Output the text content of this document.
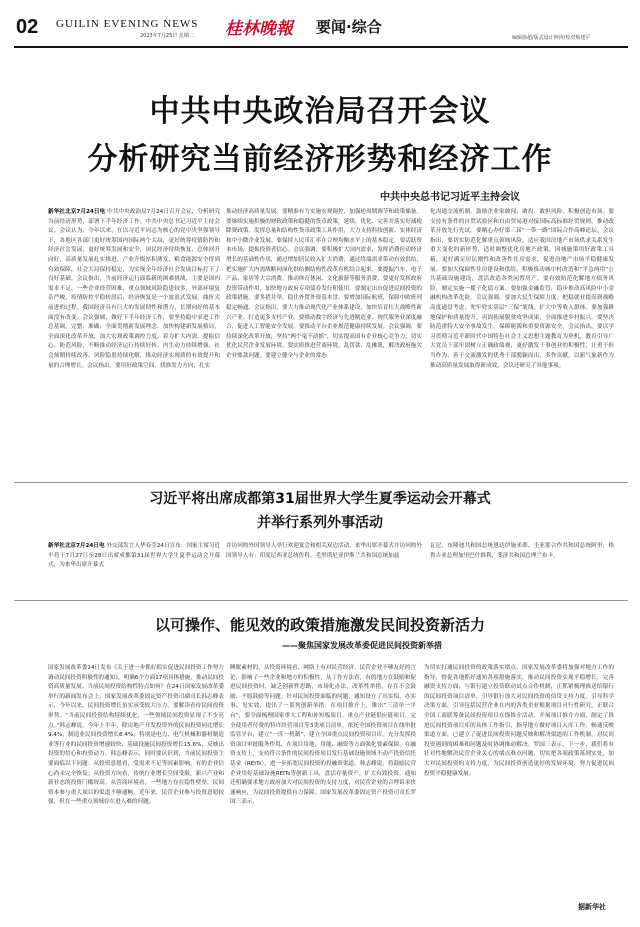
02 GUILIN EVENING NEWS
2023年7月25日 星期二 桂林晚報 要闻·综合
编辑徐超/版式设计钟涛/校对叛建平
中共中央政治局召开会议
分析研究当前经济形势和经济工作
中共中央总书记习近平主持会议
新华社北京7月24日电 中共中央政治局7月24日召开会议，分析研究当前经济形势，部署下半年经济工作。中共中央总书记习近平主持会议。会议认为，今年以来，在以习近平同志为核心的党中央坚强领导下，各地区各部门更好统筹国内国际两个大局，更好统筹疫情防控和经济社会发展，更好统筹发展和安全，国民经济持续恢复、总体回升向好，高质量发展扎实推进，产业升级厚积薄发，粮食能源安全得到有效保障，社会大局保持稳定，为实现全年经济社会发展目标打下了良好基础。会议指出，当前经济运行面临新的困难挑战，主要是国内需求不足，一些企业经营困难，重点领域风险隐患较多，外部环境复杂严峻。疫情防控平稳转段后，经济恢复是一个波浪式发展、曲折式前进的过程。我国经济具有巨大的发展韧性和潜力，长期向好的基本面没有改变。会议强调，做好下半年经济工作，要坚持稳中求进工作总基调，完整、准确、全面贯彻新发展理念，加快构建新发展格局，全面深化改革开放，加大宏观政策调控力度，着力扩大内需、提振信心、防范风险，不断推动经济运行持续好转、内生动力持续增强、社会预期持续改善、风险隐患持续化解，推动经济实现质的有效提升和量的合理增长。会议指出，要用好政策空间、找准发力方向，扎实
推动经济高质量发展。要精准有力实施宏观调控，加强逆周期调节和政策储备。要继续实施积极的财政政策和稳健的货币政策，延续、优化、完善并落实好减税降费政策，发挥总量和结构性货币政策工具作用，大力支持科技创新、实体经济和中小微企业发展。要保持人民币汇率在合理均衡水平上的基本稳定。要活跃资本市场，提振投资者信心。会议强调，要积极扩大国内需求，发挥消费拉动经济增长的基础性作用，通过增加居民收入扩大消费，通过终端需求带动有效供给，把实施扩大内需战略同深化供给侧结构性改革有机结合起来。要提振汽车、电子产品、家居等大宗消费，推动体育休闲、文化旅游等服务消费。要更好发挥政府投资带动作用，加快地方政府专项债券发行和使用。要制定出台促进民间投资的政策措施。要多措并举，稳住外贸外资基本盘。要增加国际航班，保障中欧班列稳定畅通。会议指出，要大力推动现代化产业体系建设，加快培育壮大战略性新兴产业、打造更多支柱产业。要推动数字经济与先进制造业、现代服务业深度融合，促进人工智能安全发展。要推动平台企业规范健康持续发展。会议强调，要持续深化改革开放，坚持“两个毫不动摇”，切实提高国有企业核心竞争力，切实优化民营企业发展环境。要实质推进营商环境，乱罚款、乱摊派，解决政府拖欠企业账款问题。要建立健全与企业的常态
化沟通交流机制，鼓励企业家敢闯、敢投、敢担风险，积极创造市场。要支持有条件的自贸试验区和自由贸易港对接国际高标准经贸规则，推动改革开放先行先试。要精心办好第三届“一带一路”国际合作高峰论坛。会议指出，要切实防范化解重点领域风险，适应我国房地产市场供求关系发生重大变化的新形势，适时调整优化房地产政策，因城施策用好政策工具箱，更好满足居民刚性和改善性住房需求，促进房地产市场平稳健康发展。要加大保障性住房建设和供给，积极推动城中村改造和“平急两用”公共基础设施建设，盘活改造各类闲置房产。要有效防范化解地方债务风险，制定实施一揽子化债方案。要加强金融监管，稳步推动高风险中小金融机构改革化险。会议强调，要加大民生保障力度，把稳就业提高到战略高度通盘考虑，兜牢兜实基层“三保”底线，扩大中等收入群体。要加强耕地保护和质量提升，巩固拓展脱贫攻坚成果，全面推进乡村振兴。要坚决防范重特大安全事故发生，保障能源和重要资源安全。会议指出，要以学习贯彻习近平新时代中国特色社会主义思想主题教育为契机，教育引导广大党员干部牢固树立正确政绩观，更好激发干事创业的积极性，让勇于担当作为、善于交流激发的优秀干部脱颖而出，多作贡献，以新气象新作为推动高质量发展取得新成效。会议还研究了其他事项。
习近平将出席成都第31届世界大学生夏季运动会开幕式
并举行系列外事活动
新华社北京7月24日电 外交部发言人华春莹24日宣布：国家主席习近平将于7月27日至28日出席成都第31届世界大学生夏季运动会开幕式，为来华出席开幕式
并访问的外国领导人举行欢迎宴会和相关双边活动。来华出席开幕式并访问的外国领导人有：印度尼西亚总统佐科、毛里塔尼亚伊斯兰共和国总统加兹
瓦尼、布隆迪共和国总统恩达伊施米耶、圭亚那合作共和国总统阿里、格鲁吉亚总理加里巴什维利、斐济共和国总理兰布卡。
以可操作、能见效的政策措施激发民间投资新活力
——聚焦国家发展改革委促进民间投资新举措
国家发展改革委24日发布《关于进一步抓好抓实促进民间投资工作努力调动民间投资积极性的通知》，明确6个方面17项具体措施，推动民间投资高质量发展。当前民间投资结构性特点如何？在24日国家发展改革委举行的新闻发布会上，国家发展改革委固定资产投资司副司长韩志峰表示，今年以来，民间投资增长虽实承受较大压力，要解读看待民间投资形势。“当前民间投资结构特续优化，一些领域民间投资显现了不少亮点。”韩志峰说，今年上半年，除房地产开发投资外的民间投资同比增长9.4%，制造业民间投资增长8.4%，特别是电力、电气机械和器材制造业等行业的民间投资增速较快，基础设施民间投资增长15.6%，反映出投资的信心和投资动力。韩志峰表示，同时要认识到，当前民间投资主要面临以下问题：从投资意愿看，受需求不足等因素影响，有的企业信心尚未完全恢复；从投资方向看，传统行业增长空间受限，新兴产业和新业态的投资门槛较高；从营商环境看，一些地方存在隐性壁垒，民间资本参与重大项目的渠道不够通畅。近年来，民营企业参与投资意愿较强，但在一些重点领域存在进入难的问题。
睡眠素材的，从投资环境看，网络上有对民营经济、民营企业不够友好的言论，影响了一些企业和地方的积极性，从工作方法看，有的地方在鼓励和促进民间投资时，缺乏创新性思路，市场化办法，改革性举措，存在不会鼓励、不愿鼓励等问题。针对民间投资面临的问题，通知设立了出实招、办实事、见实效，提出了一系列创新举措：在项目推介上，推出“三清单一平台”，要全面梳理国家重大工程和补短板项目、重点产业链供应链项目、完全使用者付费的特许经营项目等3类项目清单，依托全国投资项目在线审批监管平台，建立“一库一机制”，建立全国重点民间投资项目库，充分发挥投资项目审批服务作用，在项目用地、用能、融资等方面强化要素保障。在融资支持上，支持符合条件的民间投资项目发行基础设施领域不动产投资信托基金（REITs），进一步拓宽民间投资的投融资渠道。韩志峰说，将鼓励民营企业用好基础设施REITs等创新工具，盘活存量资产，扩大有效投资。通知还明确要求地方政府加大对民间投资的支持力度，对民营企业的合理诉求快速响应，为民间投资提供有力保障。国家发展改革委固定资产投资司司长罗国三表示，
为切实打通民间投资的政策落实堵点，国家发展改革委将加强对地方工作的指导，督促各地抓好通知各项措施落实，推动民间投资实现平稳增长。完善融资支持方面，与银行建立投贷联动试点合作机制，正抓紧梳理推送给银行的民间投资项目清单，引导银行加大对民间投资的信贷支持力度。引导科学决策方面，引导包括民营企业在内的各类企业根据项目可行性研究，正联合全国工商联筹备民间投资项目在线推介活动。开展项目推介方面，制定了推进民间投资项目库的具体工作指引，指导地方做好项目入库工作。畅通反映渠道方面，已建立了促进民间投资问题反映和解决渠道的工作机制，对民间投资遇到的困难和问题及时协调推动解决。罗国三表示，下一步，我们将有针对性地解决民营企业关心的堵点难点问题，切实把各项政策落到实处，加大对民间投资的支持力度，为民间投资创造更好的发展环境，努力促进民间投资平稳健康发展。
据新华社
